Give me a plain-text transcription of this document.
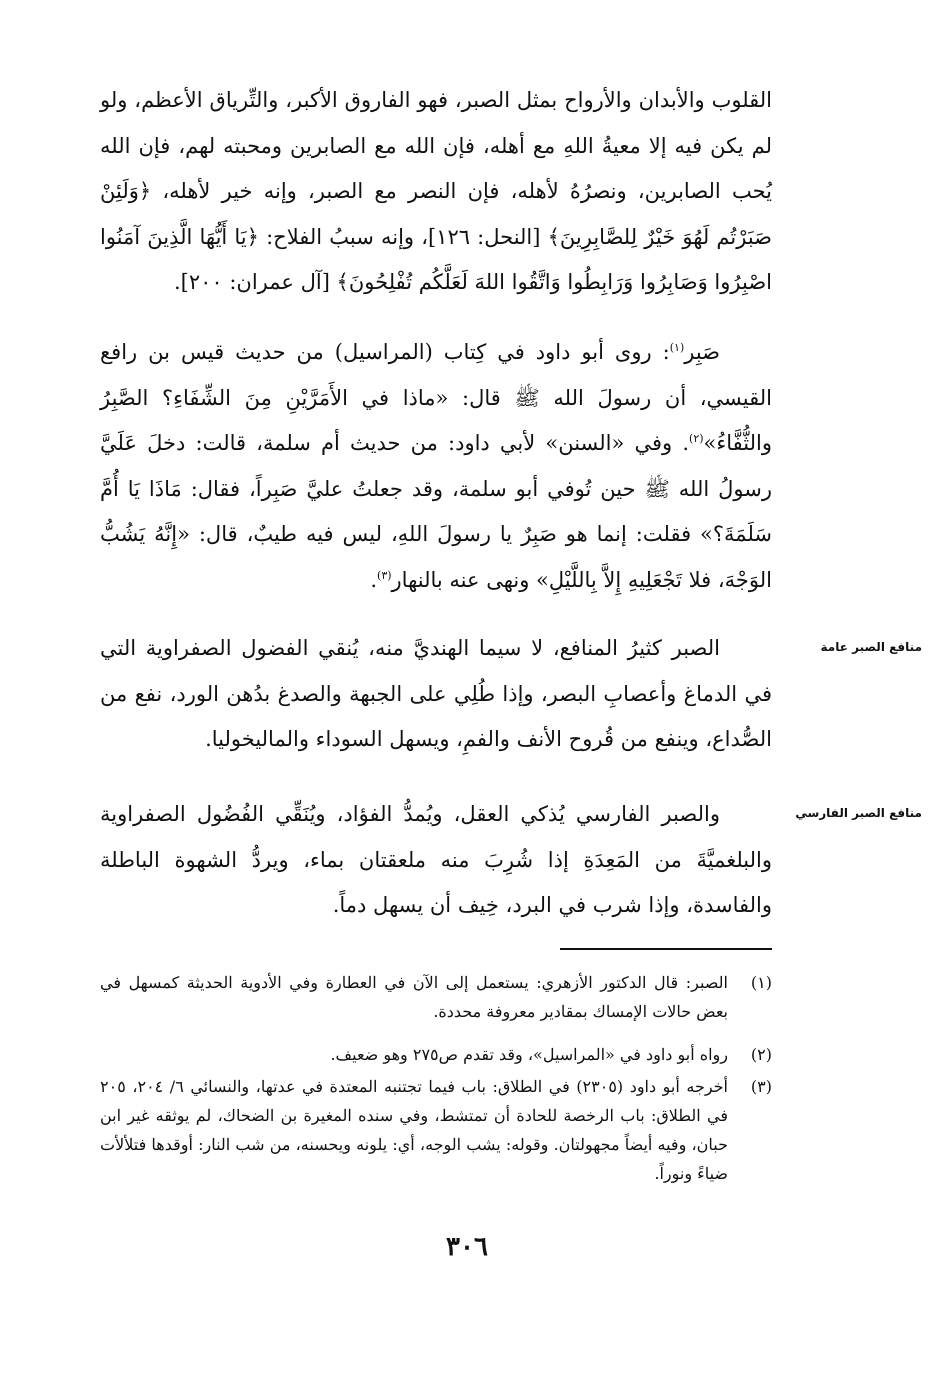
القلوب والأبدان والأرواح بمثل الصبر، فهو الفاروق الأكبر، والتِّرياق الأعظم، ولو لم يكن فيه إلا معيةُ اللهِ مع أهله، فإن الله مع الصابرين ومحبته لهم، فإن الله يُحب الصابرين، ونصرُهُ لأهله، فإن النصر مع الصبر، وإنه خير لأهله، ﴿وَلَئِنْ صَبَرْتُم لَهُوَ خَيْرٌ لِلصَّابِرِينَ﴾ [النحل: ١٢٦]، وإنه سببُ الفلاح: ﴿يَا أَيُّهَا الَّذِينَ آمَنُوا اصْبِرُوا وَصَابِرُوا وَرَابِطُوا وَاتَّقُوا اللهَ لَعَلَّكُم تُفْلِحُونَ﴾ [آل عمران: ٢٠٠].

صَبِر$^{(١)}$: روى أبو داود في كِتاب (المراسيل) من حديث قيس بن رافع القيسي، أن رسولَ الله ﷺ قال: «ماذا في الأَمَرَّيْنِ مِنَ الشِّفَاءِ؟ الصَّبِرُ والثُّفَّاءُ»$^{(٢)}$. وفي «السنن» لأبي داود: من حديث أم سلمة، قالت: دخلَ عَلَيَّ رسولُ الله ﷺ حين تُوفي أبو سلمة، وقد جعلتُ عليَّ صَبِراً، فقال: مَاذَا يَا أُمَّ سَلَمَةَ؟» فقلت: إنما هو صَبِرٌ يا رسولَ اللهِ، ليس فيه طيبٌ، قال: «إِنَّهُ يَشُبُّ الوَجْهَ، فلا تَجْعَلِيهِ إِلاَّ بِاللَّيْلِ» ونهى عنه بالنهار$^{(٣)}$.

منافع الصبر عامة

الصبر كثيرُ المنافع، لا سيما الهنديَّ منه، يُنقي الفضول الصفراوية التي في الدماغ وأعصابِ البصر، وإذا طُلِي على الجبهة والصدغ بدُهن الورد، نفع من الصُّداع، وينفع من قُروح الأنف والفمِ، ويسهل السوداء والماليخوليا.

منافع الصبر الفارسي

والصبر الفارسي يُذكي العقل، ويُمدُّ الفؤاد، ويُنَقِّي الفُضُول الصفراوية والبلغميَّةَ من المَعِدَةِ إذا شُرِبَ منه ملعقتان بماء، ويردُّ الشهوة الباطلة والفاسدة، وإذا شرب في البرد، خِيف أن يسهل دماً.

(١)
الصبر: قال الدكتور الأزهري: يستعمل إلى الآن في العطارة وفي الأدوية الحديثة كمسهل في بعض حالات الإمساك بمقادير معروفة محددة.
(٢)
رواه أبو داود في «المراسيل»، وقد تقدم ص٢٧٥ وهو ضعيف.
(٣)
أخرجه أبو داود (٢٣٠٥) في الطلاق: باب فيما تجتنبه المعتدة في عدتها، والنسائي ٦/ ٢٠٤، ٢٠٥ في الطلاق: باب الرخصة للحادة أن تمتشط، وفي سنده المغيرة بن الضحاك، لم يوثقه غير ابن حبان، وفيه أيضاً مجهولتان. وقوله: يشب الوجه، أي: يلونه ويحسنه، من شب النار: أوقدها فتلألأت ضياءً ونوراً.
٣٠٦
